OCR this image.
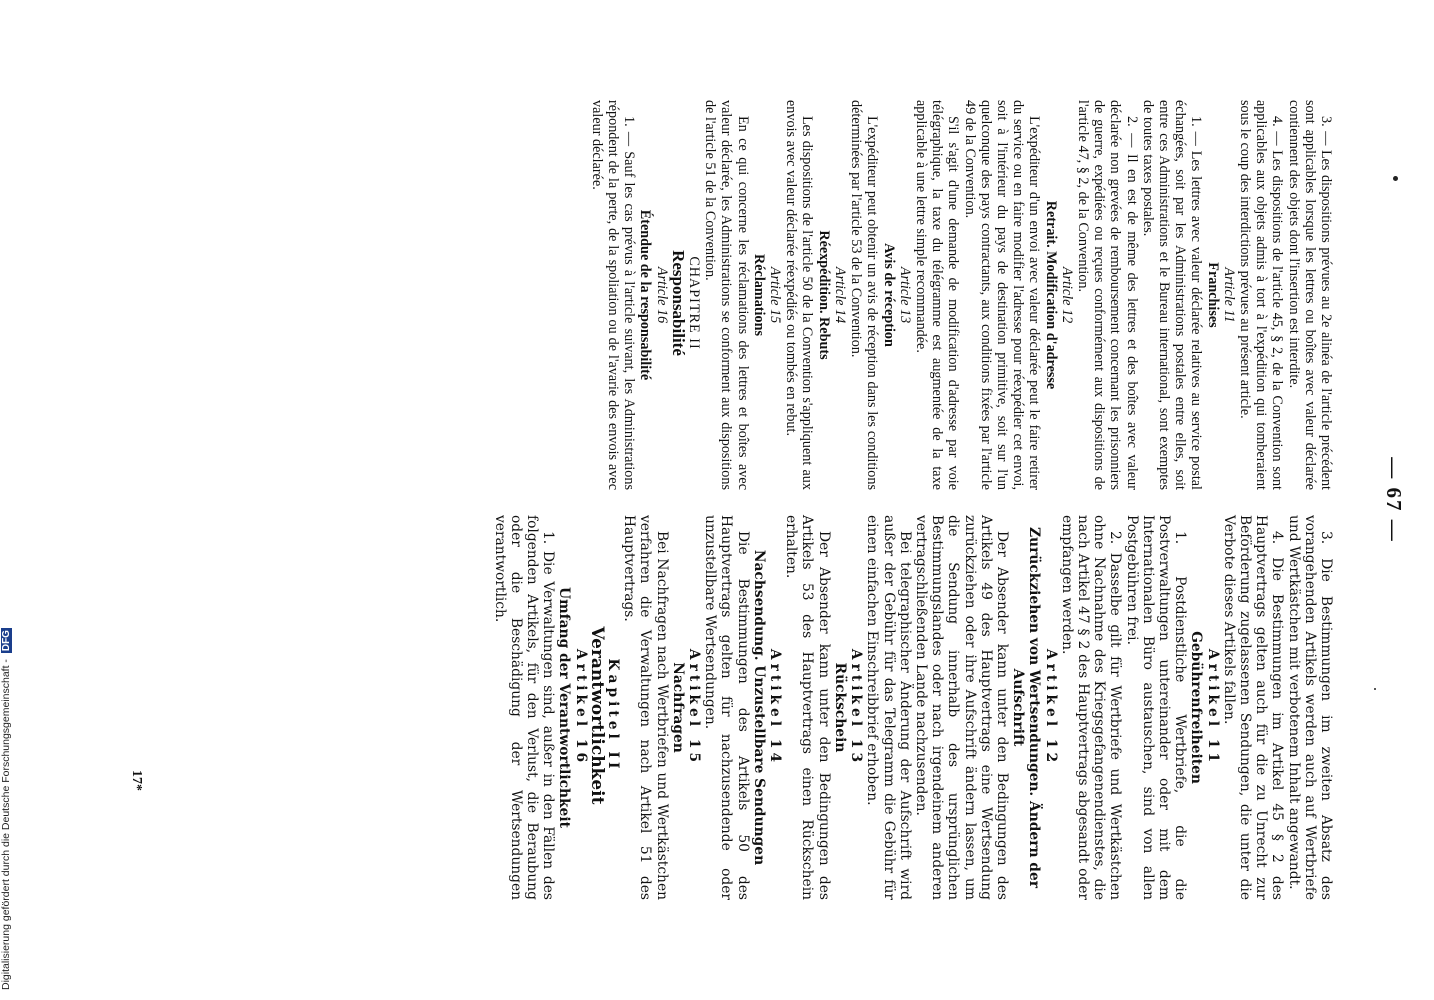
— 67 —

3. — Les dispositions prévues au 2e alinéa de l'article précédent sont applicables lorsque les lettres ou boîtes avec valeur déclarée contiennent des objets dont l'insertion est interdite.

4. — Les dispositions de l'article 45, § 2, de la Convention sont applicables aux objets admis à tort à l'expédition qui tomberaient sous le coup des interdictions prévues au présent article.

Article 11

Franchises

1. — Les lettres avec valeur déclarée relatives au service postal échangées, soit par les Administrations postales entre elles, soit entre ces Administrations et le Bureau international, sont exemptes de toutes taxes postales.

2. — Il en est de même des lettres et des boîtes avec valeur déclarée non grevées de remboursement concernant les prisonniers de guerre, expédiées ou reçues conformément aux dispositions de l'article 47, § 2, de la Convention.

Article 12

Retrait. Modification d'adresse

L'expéditeur d'un envoi avec valeur déclarée peut le faire retirer du service ou en faire modifier l'adresse pour réexpédier cet envoi, soit à l'intérieur du pays de destination primitive, soit sur l'un quelconque des pays contractants, aux conditions fixées par l'article 49 de la Convention.

S'il s'agit d'une demande de modification d'adresse par voie télégraphique, la taxe du télégramme est augmentée de la taxe applicable à une lettre simple recommandée.

Article 13

Avis de réception

L'expéditeur peut obtenir un avis de réception dans les conditions déterminées par l'article 53 de la Convention.

Article 14

Réexpédition. Rebuts

Les dispositions de l'article 50 de la Convention s'appliquent aux envois avec valeur déclarée réexpédiés ou tombés en rebut.

Article 15

Réclamations

En ce qui concerne les réclamations des lettres et boîtes avec valeur déclarée, les Administrations se conforment aux dispositions de l'article 51 de la Convention.

CHAPITRE II

Responsabilité

Article 16

Étendue de la responsabilité

1. — Sauf les cas prévus à l'article suivant, les Administrations répondent de la perte, de la spoliation ou de l'avarie des envois avec valeur déclarée.

3. Die Bestimmungen im zweiten Absatz des vorangehenden Artikels werden auch auf Wertbriefe und Wertkästchen mit verbotenem Inhalt angewandt.

4. Die Bestimmungen im Artikel 45 § 2 des Hauptvertrags gelten auch für die zu Unrecht zur Beförderung zugelassenen Sendungen, die unter die Verbote dieses Artikels fallen.

Artikel 11

Gebührenfreiheiten

1. Postdienstliche Wertbriefe, die die Postverwaltungen untereinander oder mit dem Internationalen Büro austauschen, sind von allen Postgebühren frei.

2. Dasselbe gilt für Wertbriefe und Wertkästchen ohne Nachnahme des Kriegsgefangenendienstes, die nach Artikel 47 § 2 des Hauptvertrags abgesandt oder empfangen werden.

Artikel 12

Zurückziehen von Wertsendungen. Ändern der Aufschrift

Der Absender kann unter den Bedingungen des Artikels 49 des Hauptvertrags eine Wertsendung zurückziehen oder ihre Aufschrift ändern lassen, um die Sendung innerhalb des ursprünglichen Bestimmungslandes oder nach irgendeinem anderen vertragschließenden Lande nachzusenden.

Bei telegraphischer Änderung der Aufschrift wird außer der Gebühr für das Telegramm die Gebühr für einen einfachen Einschreibbrief erhoben.

Artikel 13

Rückschein

Der Absender kann unter den Bedingungen des Artikels 53 des Hauptvertrags einen Rückschein erhalten.

Artikel 14

Nachsendung. Unzustellbare Sendungen

Die Bestimmungen des Artikels 50 des Hauptvertrags gelten für nachzusendende oder unzustellbare Wertsendungen.

Artikel 15

Nachfragen

Bei Nachfragen nach Wertbriefen und Wertkästchen verfahren die Verwaltungen nach Artikel 51 des Hauptvertrags.

Kapitel II

Verantwortlichkeit

Artikel 16

Umfang der Verantwortlichkeit

1. Die Verwaltungen sind, außer in den Fällen des folgenden Artikels, für den Verlust, die Beraubung oder die Beschädigung der Wertsendungen verantwortlich.

17*
Digitalisierung gefördert durch die Deutsche Forschungsgemeinschaft - DFG
